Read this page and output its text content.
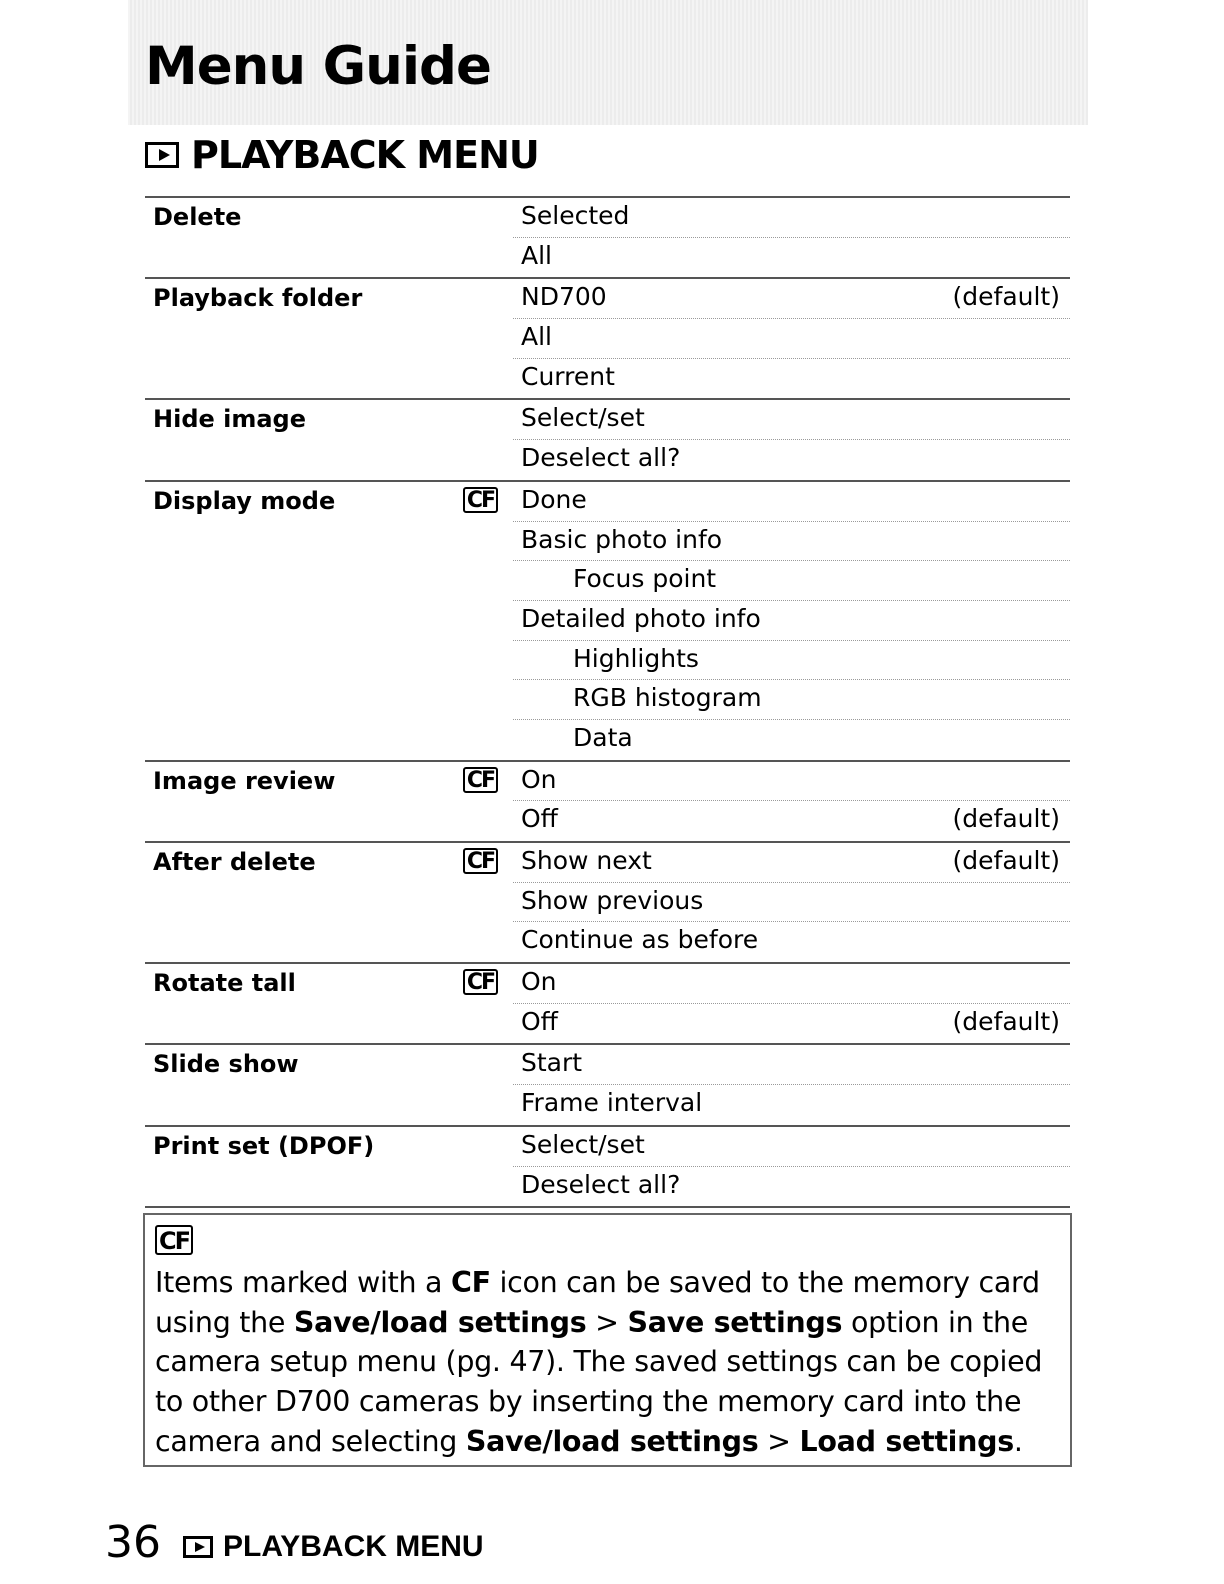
Menu Guide
PLAYBACK MENU
Delete	Selected
All
Playback folder	ND700	(default)
All
Current
Hide image	Select/set
Deselect all?
Display mode	CF Done
Basic photo info
Focus point
Detailed photo info
Highlights
RGB histogram
Data
Image review	CF On
Off	(default)
After delete	CF Show next	(default)
Show previous
Continue as before
Rotate tall	CF On
Off	(default)
Slide show	Start
Frame interval
Print set (DPOF)	Select/set
Deselect all?
CF

Items marked with a CF icon can be saved to the memory card using the Save/load settings > Save settings option in the camera setup menu (pg. 47). The saved settings can be copied to other D700 cameras by inserting the memory card into the camera and selecting Save/load settings > Load settings.

36 PLAYBACK MENU
